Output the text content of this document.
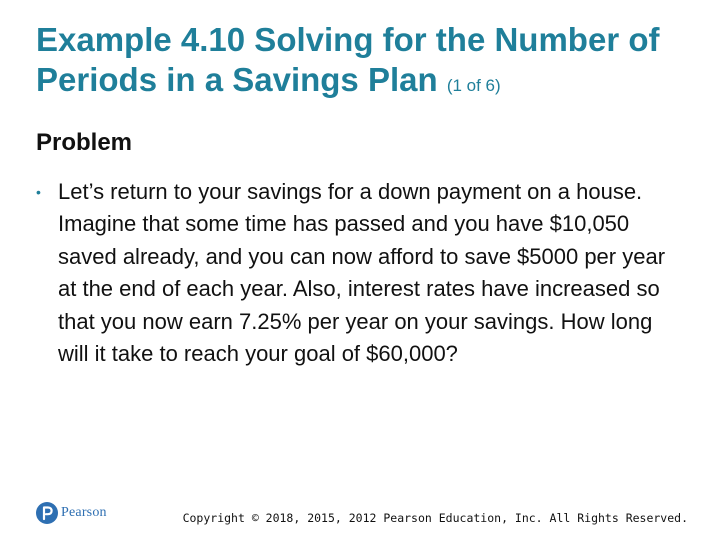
Example 4.10 Solving for the Number of Periods in a Savings Plan (1 of 6)
Problem
• Let’s return to your savings for a down payment on a house. Imagine that some time has passed and you have $10,050 saved already, and you can now afford to save $5000 per year at the end of each year. Also, interest rates have increased so that you now earn 7.25% per year on your savings. How long will it take to reach your goal of $60,000?
Pearson	Copyright © 2018, 2015, 2012 Pearson Education, Inc. All Rights Reserved.
